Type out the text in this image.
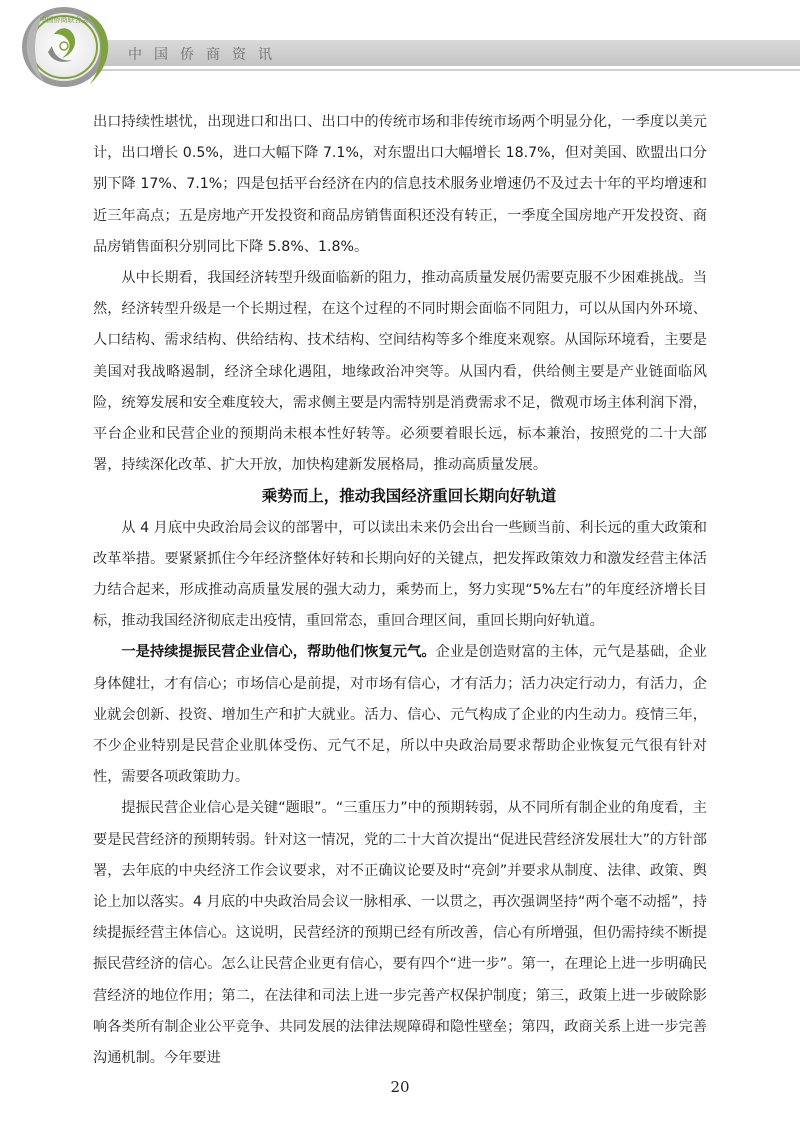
中国侨商资讯
中国侨商联合会

出口持续性堪忧，出现进口和出口、出口中的传统市场和非传统市场两个明显分化，一季度以美元计，出口增长 0.5%，进口大幅下降 7.1%，对东盟出口大幅增长 18.7%，但对美国、欧盟出口分别下降 17%、7.1%；四是包括平台经济在内的信息技术服务业增速仍不及过去十年的平均增速和近三年高点；五是房地产开发投资和商品房销售面积还没有转正，一季度全国房地产开发投资、商品房销售面积分别同比下降 5.8%、1.8%。

从中长期看，我国经济转型升级面临新的阻力，推动高质量发展仍需要克服不少困难挑战。当然，经济转型升级是一个长期过程，在这个过程的不同时期会面临不同阻力，可以从国内外环境、人口结构、需求结构、供给结构、技术结构、空间结构等多个维度来观察。从国际环境看，主要是美国对我战略遏制，经济全球化遇阻，地缘政治冲突等。从国内看，供给侧主要是产业链面临风险，统筹发展和安全难度较大，需求侧主要是内需特别是消费需求不足，微观市场主体利润下滑，平台企业和民营企业的预期尚未根本性好转等。必须要着眼长远，标本兼治，按照党的二十大部署，持续深化改革、扩大开放，加快构建新发展格局，推动高质量发展。

乘势而上，推动我国经济重回长期向好轨道

从 4 月底中央政治局会议的部署中，可以读出未来仍会出台一些顾当前、利长远的重大政策和改革举措。要紧紧抓住今年经济整体好转和长期向好的关键点，把发挥政策效力和激发经营主体活力结合起来，形成推动高质量发展的强大动力，乘势而上，努力实现“5%左右”的年度经济增长目标，推动我国经济彻底走出疫情，重回常态，重回合理区间，重回长期向好轨道。

一是持续提振民营企业信心，帮助他们恢复元气。企业是创造财富的主体，元气是基础，企业身体健壮，才有信心；市场信心是前提，对市场有信心，才有活力；活力决定行动力，有活力，企业就会创新、投资、增加生产和扩大就业。活力、信心、元气构成了企业的内生动力。疫情三年，不少企业特别是民营企业肌体受伤、元气不足，所以中央政治局要求帮助企业恢复元气很有针对性，需要各项政策助力。

提振民营企业信心是关键“题眼”。“三重压力”中的预期转弱，从不同所有制企业的角度看，主要是民营经济的预期转弱。针对这一情况，党的二十大首次提出“促进民营经济发展壮大”的方针部署，去年底的中央经济工作会议要求，对不正确议论要及时“亮剑”并要求从制度、法律、政策、舆论上加以落实。4 月底的中央政治局会议一脉相承、一以贯之，再次强调坚持“两个毫不动摇”，持续提振经营主体信心。这说明，民营经济的预期已经有所改善，信心有所增强，但仍需持续不断提振民营经济的信心。怎么让民营企业更有信心，要有四个“进一步”。第一，在理论上进一步明确民营经济的地位作用；第二，在法律和司法上进一步完善产权保护制度；第三，政策上进一步破除影响各类所有制企业公平竞争、共同发展的法律法规障碍和隐性壁垒；第四，政商关系上进一步完善沟通机制。今年要进

20
